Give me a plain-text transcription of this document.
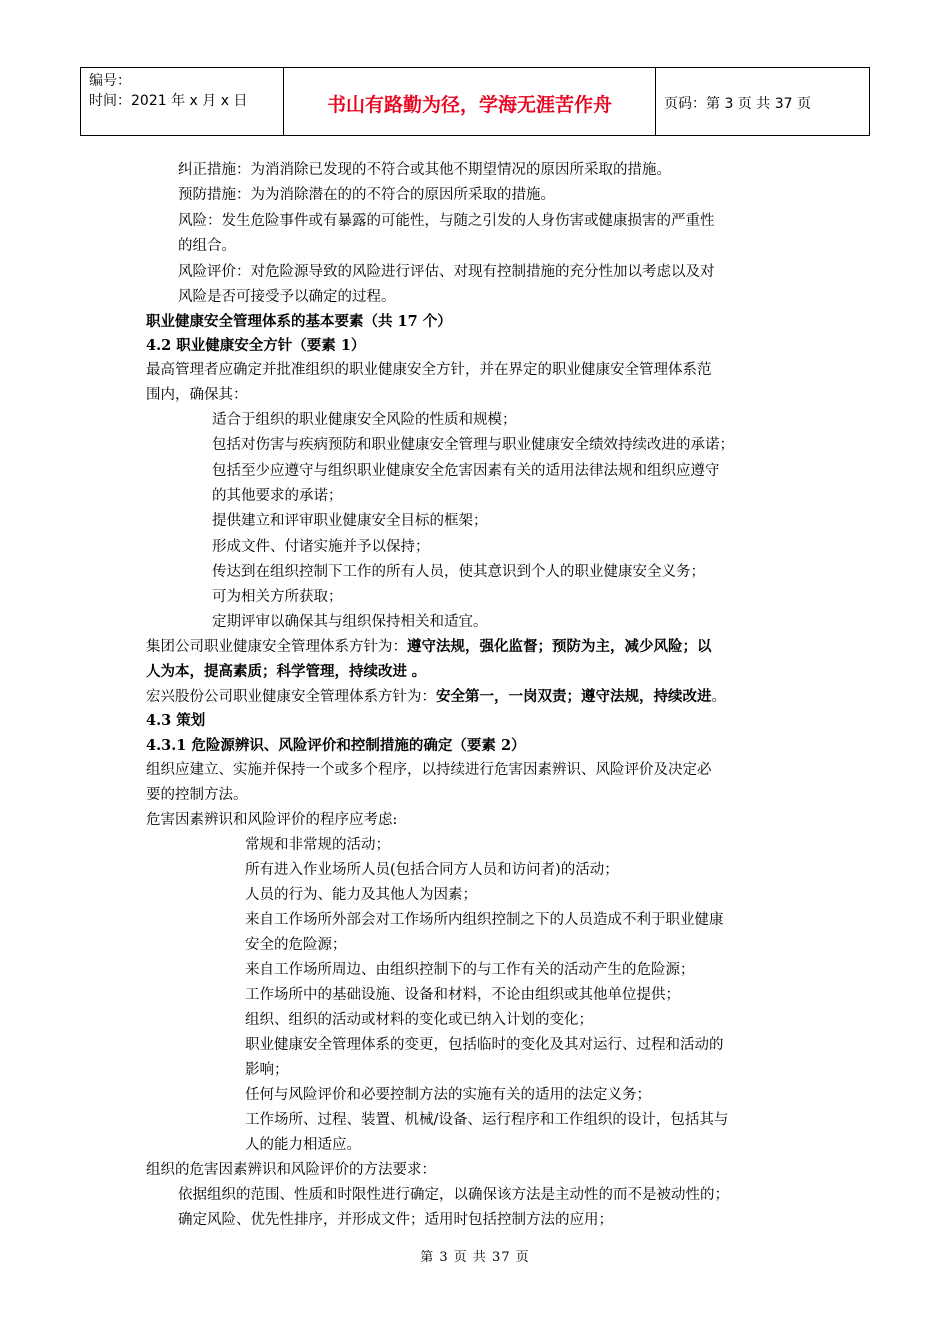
编号：
时间：2021 年 x 月 x 日	书山有路勤为径，学海无涯苦作舟	页码：第 3 页 共 37 页
纠正措施：为消消除已发现的不符合或其他不期望情况的原因所采取的措施。
预防措施：为为消除潜在的的不符合的原因所采取的措施。
风险：发生危险事件或有暴露的可能性，与随之引发的人身伤害或健康损害的严重性
的组合。
风险评价：对危险源导致的风险进行评估、对现有控制措施的充分性加以考虑以及对
风险是否可接受予以确定的过程。
职业健康安全管理体系的基本要素（共 17 个）
4.2 职业健康安全方针（要素 1）
最高管理者应确定并批准组织的职业健康安全方针，并在界定的职业健康安全管理体系范
围内，确保其：
适合于组织的职业健康安全风险的性质和规模；
包括对伤害与疾病预防和职业健康安全管理与职业健康安全绩效持续改进的承诺；
包括至少应遵守与组织职业健康安全危害因素有关的适用法律法规和组织应遵守
的其他要求的承诺；
提供建立和评审职业健康安全目标的框架；
形成文件、付诸实施并予以保持；
传达到在组织控制下工作的所有人员，使其意识到个人的职业健康安全义务；
可为相关方所获取；
定期评审以确保其与组织保持相关和适宜。
集团公司职业健康安全管理体系方针为：遵守法规，强化监督；预防为主，减少风险；以
人为本，提高素质；科学管理，持续改进 。
宏兴股份公司职业健康安全管理体系方针为：安全第一，一岗双责；遵守法规，持续改进。
4.3 策划
4.3.1 危险源辨识、风险评价和控制措施的确定（要素 2）
组织应建立、实施并保持一个或多个程序，以持续进行危害因素辨识、风险评价及决定必
要的控制方法。
危害因素辨识和风险评价的程序应考虑:
常规和非常规的活动；
所有进入作业场所人员(包括合同方人员和访问者)的活动；
人员的行为、能力及其他人为因素；
来自工作场所外部会对工作场所内组织控制之下的人员造成不利于职业健康
安全的危险源；
来自工作场所周边、由组织控制下的与工作有关的活动产生的危险源；
工作场所中的基础设施、设备和材料，不论由组织或其他单位提供；
组织、组织的活动或材料的变化或已纳入计划的变化；
职业健康安全管理体系的变更，包括临时的变化及其对运行、过程和活动的
影响；
任何与风险评价和必要控制方法的实施有关的适用的法定义务；
工作场所、过程、装置、机械/设备、运行程序和工作组织的设计，包括其与
人的能力相适应。
组织的危害因素辨识和风险评价的方法要求：
依据组织的范围、性质和时限性进行确定，以确保该方法是主动性的而不是被动性的；
确定风险、优先性排序，并形成文件；适用时包括控制方法的应用；
第 3 页 共 37 页
